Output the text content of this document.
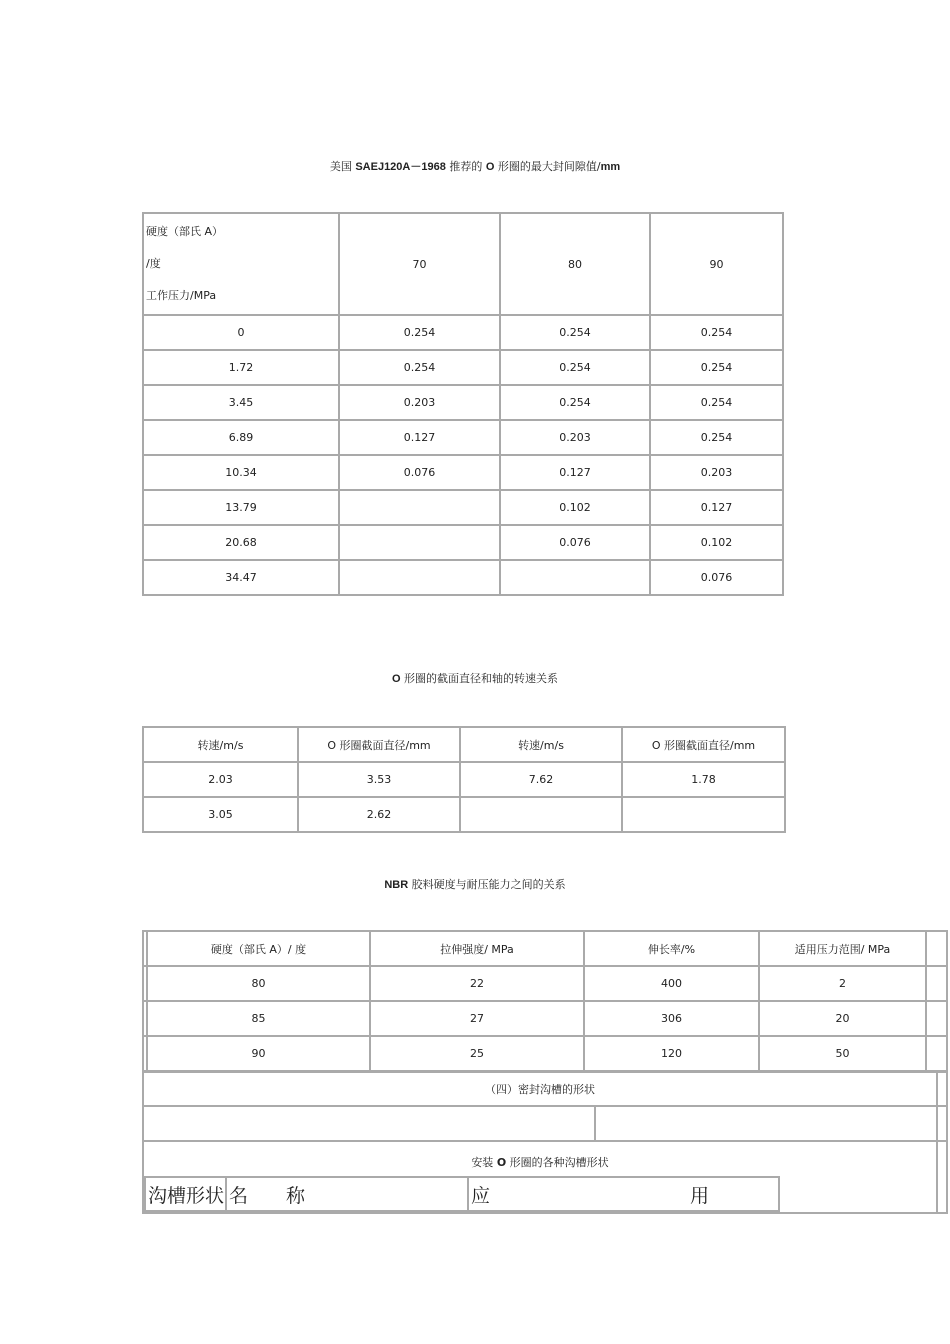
美国 SAEJ120A－1968 推荐的 O 形圈的最大封间隙值/mm
硬度（部氏 A）
/度
工作压力/MPa	70	80	90
0	0.254	0.254	0.254
1.72	0.254	0.254	0.254
3.45	0.203	0.254	0.254
6.89	0.127	0.203	0.254
10.34	0.076	0.127	0.203
13.79		0.102	0.127
20.68		0.076	0.102
34.47			0.076
O 形圈的截面直径和轴的转速关系
转速/m/s	O 形圈截面直径/mm	转速/m/s	O 形圈截面直径/mm
2.03	3.53	7.62	1.78
3.05	2.62		
NBR 胶料硬度与耐压能力之间的关系
	硬度（部氏 A）/ 度	拉伸强度/ MPa	伸长率/%	适用压力范围/ MPa	
	80	22	400	2	
	85	27	306	20	
	90	25	120	50	
（四）密封沟槽的形状	

安装 O 形圈的各种沟槽形状
沟槽形状	名　　称	应	用
